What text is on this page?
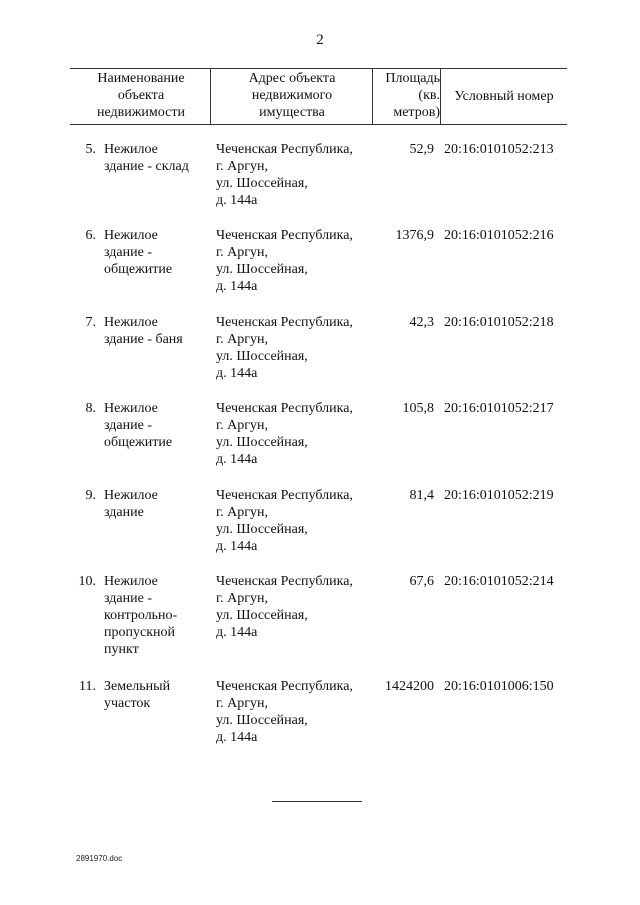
2
Наименование
объекта
недвижимости
Адрес объекта
недвижимого
имущества
Площадь
(кв.
метров)
Условный номер
5. Нежилое
здание - склад
Чеченская Республика,
г. Аргун,
ул. Шоссейная,
д. 144а
52,9 20:16:0101052:213
6. Нежилое
здание -
общежитие
Чеченская Республика,
г. Аргун,
ул. Шоссейная,
д. 144а
1376,9 20:16:0101052:216
7. Нежилое
здание - баня
Чеченская Республика,
г. Аргун,
ул. Шоссейная,
д. 144а
42,3 20:16:0101052:218
8. Нежилое
здание -
общежитие
Чеченская Республика,
г. Аргун,
ул. Шоссейная,
д. 144а
105,8 20:16:0101052:217
9. Нежилое
здание
Чеченская Республика,
г. Аргун,
ул. Шоссейная,
д. 144а
81,4 20:16:0101052:219
10. Нежилое
здание -
контрольно-
пропускной
пункт
Чеченская Республика,
г. Аргун,
ул. Шоссейная,
д. 144а
67,6 20:16:0101052:214
11. Земельный
участок
Чеченская Республика,
г. Аргун,
ул. Шоссейная,
д. 144а
1424200 20:16:0101006:150
2891970.doc
